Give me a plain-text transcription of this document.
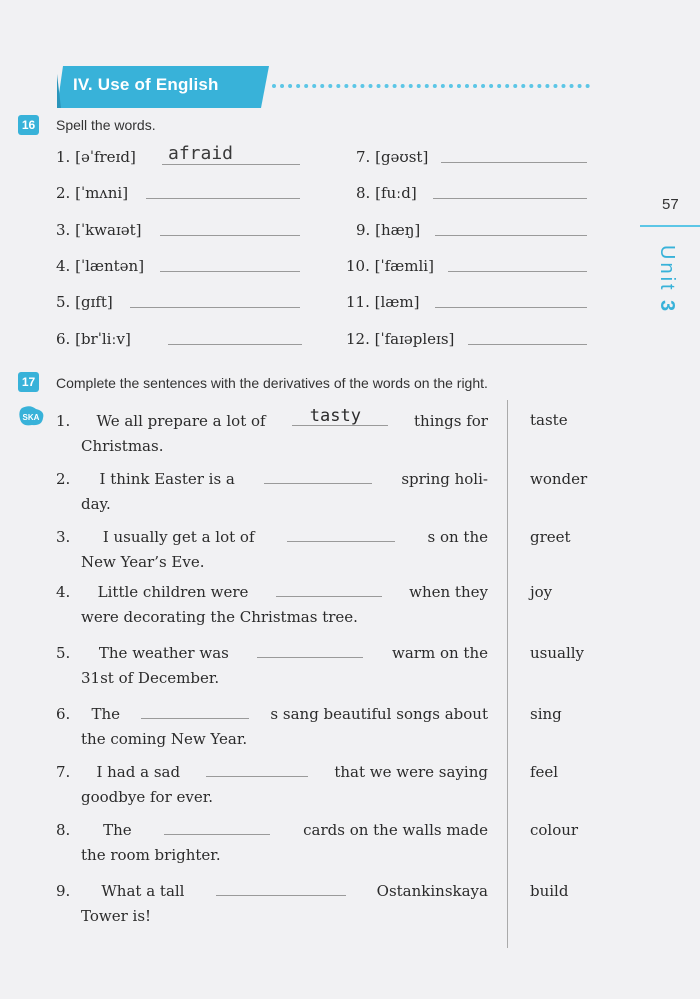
IV. Use of English
16 Spell the words.
1. [əˈfreɪd] afraid
2. [ˈmʌni]
3. [ˈkwaɪət]
4. [ˈlæntən]
5. [gɪft]
6. [brˈliːv]
7. [gəʊst]
8. [fuːd]
9. [hæŋ]
10. [ˈfæmli]
11. [læm]
12. [ˈfaɪəpleɪs]
17 Complete the sentences with the derivatives of the words on the right.
SKA 1. We all prepare a lot of	tasty	things for
Christmas.
taste
2. I think Easter is a	spring holi-
day.
wonder
3. I usually get a lot of	s on the
New Year’s Eve.
greet
4. Little children were	when they
were decorating the Christmas tree.
joy
5. The weather was	warm on the
31st of December.
usually
6. The	s sang beautiful songs about
the coming New Year.
sing
7. I had a sad	that we were saying
goodbye for ever.
feel
8. The	cards on the walls made
the room brighter.
colour
9. What a tall	Ostankinskaya
Tower is!
build
57
Unit3
